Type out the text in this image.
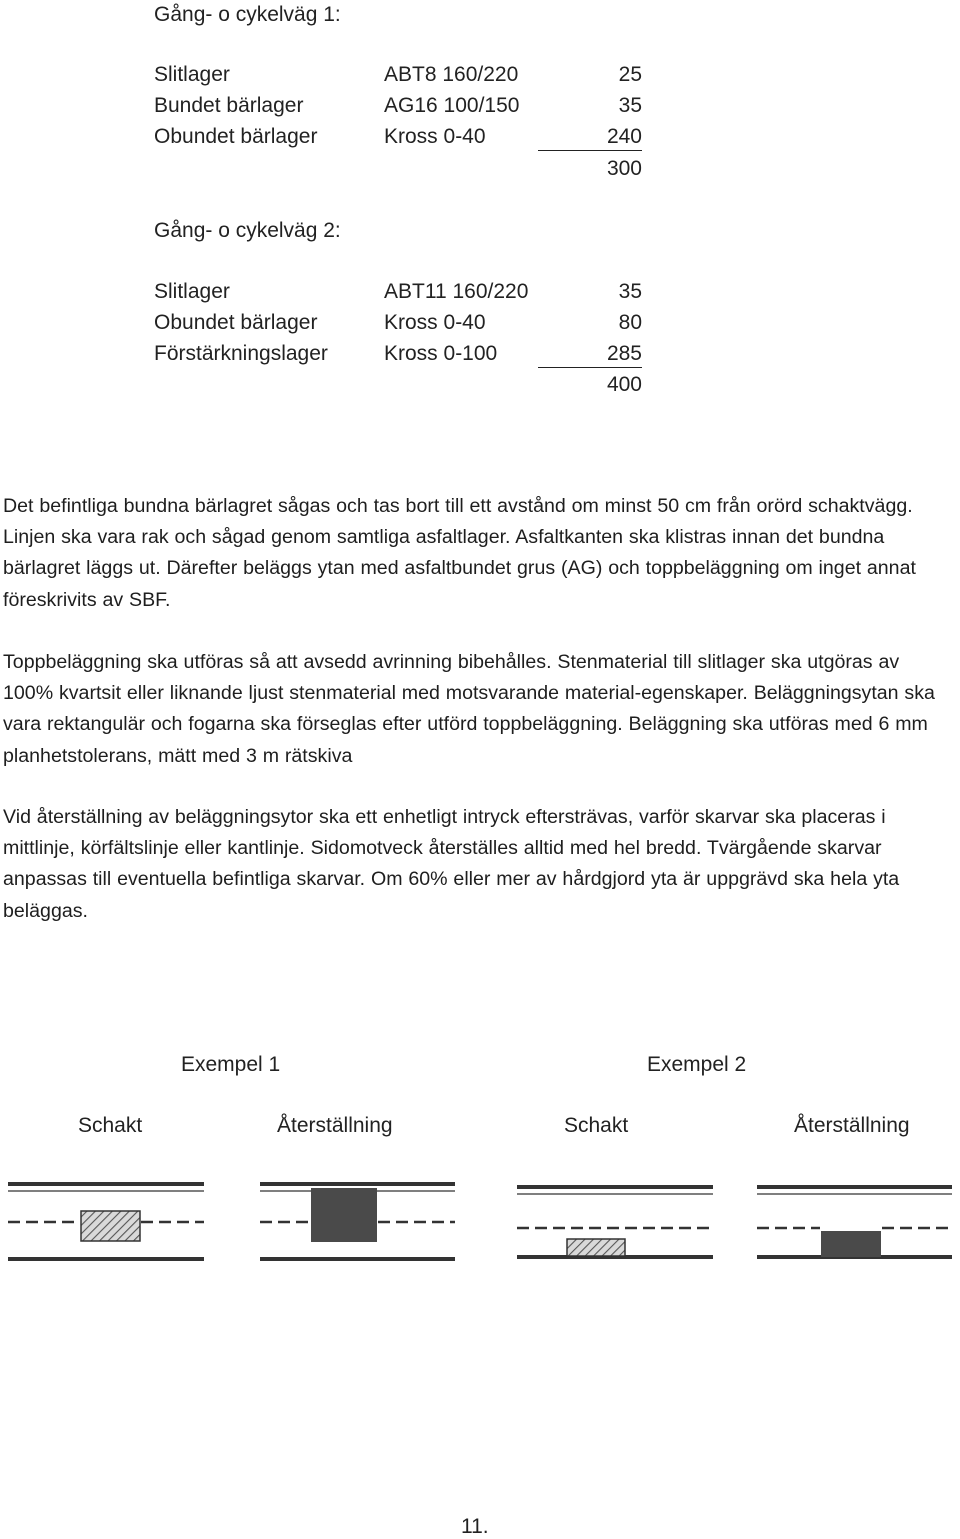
Gång- o cykelväg 1:
Slitlager	ABT8 160/220	25
Bundet bärlager	AG16 100/150	35
Obundet bärlager	Kross 0-40	240
300
Gång- o cykelväg 2:
Slitlager	ABT11 160/220	35
Obundet bärlager	Kross 0-40	80
Förstärkningslager	Kross 0-100	285
400
Det befintliga bundna bärlagret sågas och tas bort till ett avstånd om minst 50 cm från orörd schaktvägg. Linjen ska vara rak och sågad genom samtliga asfaltlager. Asfaltkanten ska klistras innan det bundna bärlagret läggs ut. Därefter beläggs ytan med asfaltbundet grus (AG) och toppbeläggning om inget annat föreskrivits av SBF.
Toppbeläggning ska utföras så att avsedd avrinning bibehålles. Stenmaterial till slitlager ska utgöras av 100% kvartsit eller liknande ljust stenmaterial med motsvarande material-egenskaper. Beläggningsytan ska vara rektangulär och fogarna ska förseglas efter utförd toppbeläggning. Beläggning ska utföras med 6 mm planhetstolerans, mätt med 3 m rätskiva
Vid återställning av beläggningsytor ska ett enhetligt intryck eftersträvas, varför skarvar ska placeras i mittlinje, körfältslinje eller kantlinje. Sidomotveck återställes alltid med hel bredd. Tvärgående skarvar anpassas till eventuella befintliga skarvar. Om 60% eller mer av hårdgjord yta är uppgrävd ska hela yta beläggas.
Exempel 1	Exempel 2
Schakt	Återställning	Schakt	Återställning
11.
